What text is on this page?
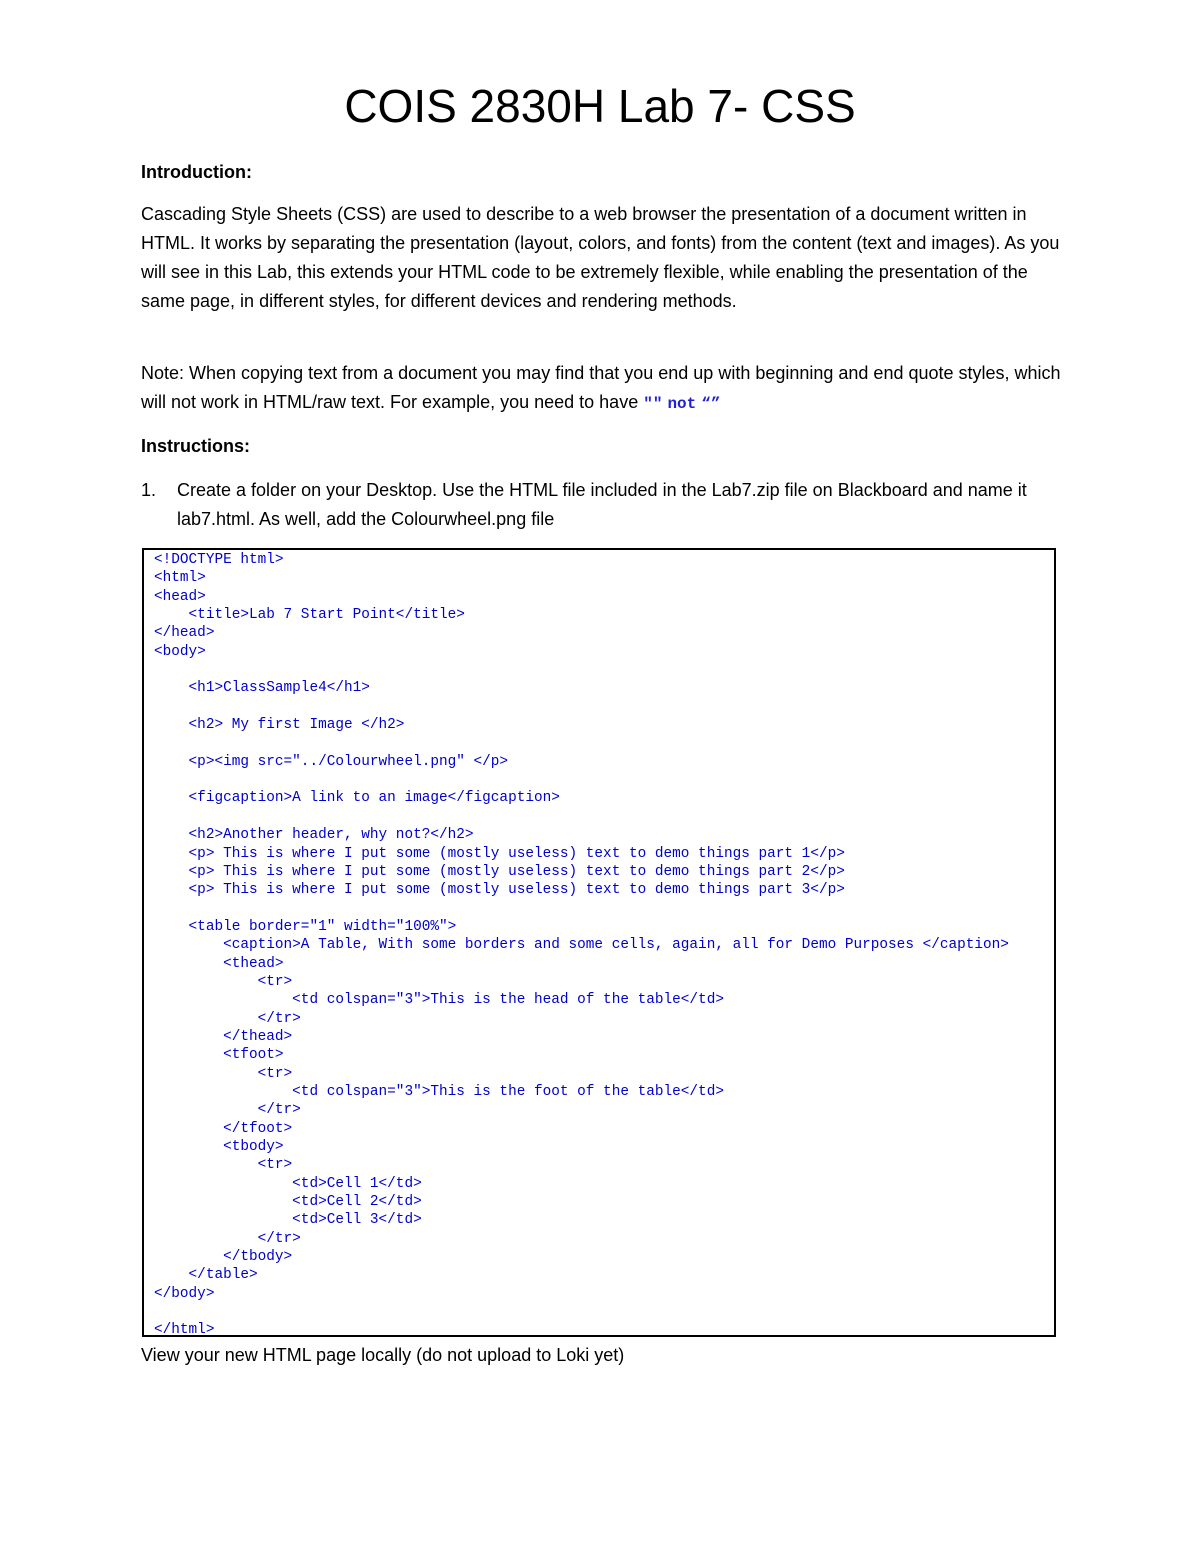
COIS 2830H Lab 7- CSS

Introduction:

Cascading Style Sheets (CSS) are used to describe to a web browser the presentation of a document written in HTML. It works by separating the presentation (layout, colors, and fonts) from the content (text and images). As you will see in this Lab, this extends your HTML code to be extremely flexible, while enabling the presentation of the same page, in different styles, for different devices and rendering methods.

Note: When copying text from a document you may find that you end up with beginning and end quote styles, which will not work in HTML/raw text. For example, you need to have "" not “”

Instructions:

1. Create a folder on your Desktop. Use the HTML file included in the Lab7.zip file on Blackboard and name it lab7.html. As well, add the Colourwheel.png file
<!DOCTYPE html>
<html>
<head>
<title>Lab 7 Start Point</title>
</head>
<body>

<h1>ClassSample4</h1>

<h2> My first Image </h2>

<p><img src="../Colourwheel.png" </p>

<figcaption>A link to an image</figcaption>

<h2>Another header, why not?</h2>
<p> This is where I put some (mostly useless) text to demo things part 1</p>
<p> This is where I put some (mostly useless) text to demo things part 2</p>
<p> This is where I put some (mostly useless) text to demo things part 3</p>

<table border="1" width="100%">
<caption>A Table, With some borders and some cells, again, all for Demo Purposes </caption>
<thead>
<tr>
<td colspan="3">This is the head of the table</td>
</tr>
</thead>
<tfoot>
<tr>
<td colspan="3">This is the foot of the table</td>
</tr>
</tfoot>
<tbody>
<tr>
<td>Cell 1</td>
<td>Cell 2</td>
<td>Cell 3</td>
</tr>
</tbody>
</table>
</body>

</html>

View your new HTML page locally (do not upload to Loki yet)
